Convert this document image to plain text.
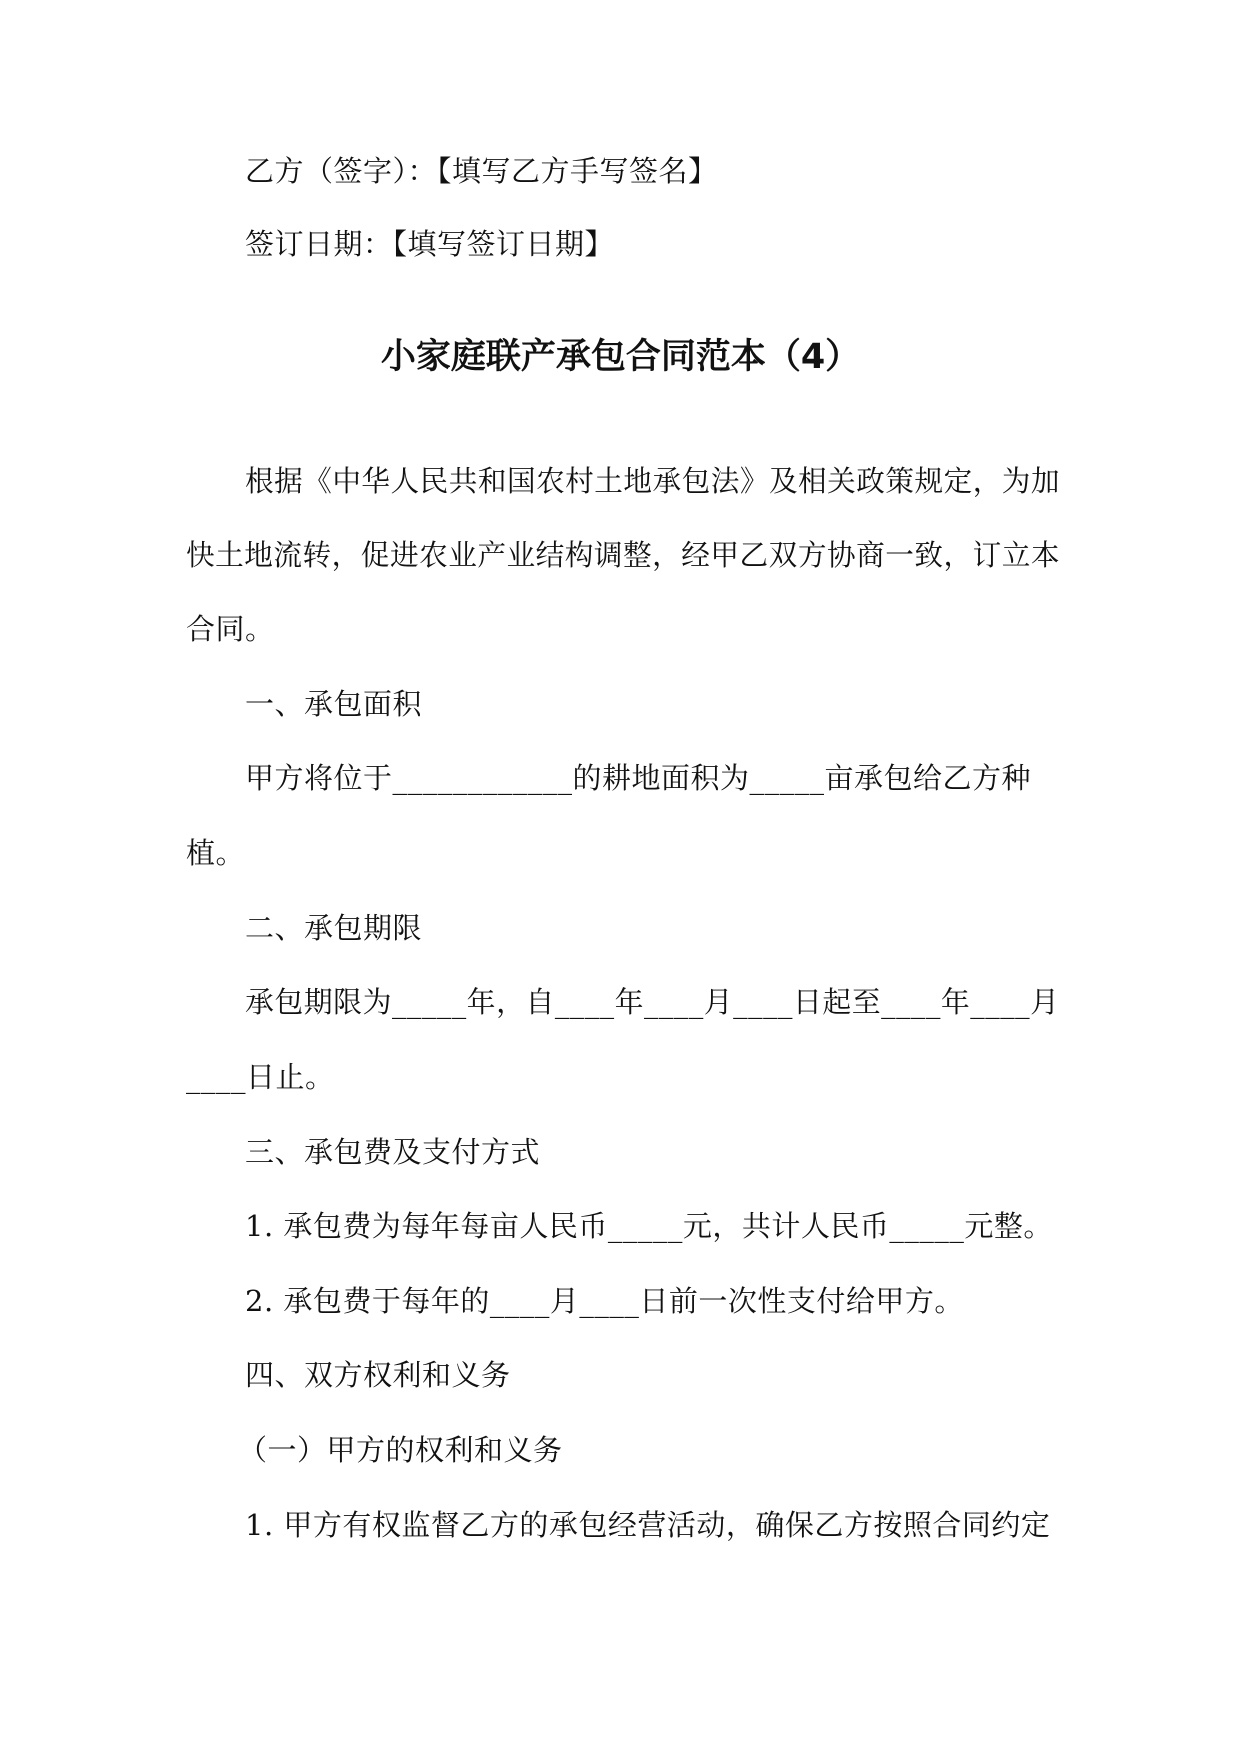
乙方（签字）：【填写乙方手写签名】
签订日期：【填写签订日期】
小家庭联产承包合同范本（4）
根据《中华人民共和国农村土地承包法》及相关政策规定，为加
快土地流转，促进农业产业结构调整，经甲乙双方协商一致，订立本
合同。
一、承包面积
甲方将位于____________的耕地面积为_____亩承包给乙方种
植。
二、承包期限
承包期限为_____年，自____年____月____日起至____年____月
____日止。
三、承包费及支付方式
1. 承包费为每年每亩人民币_____元，共计人民币_____元整。
2. 承包费于每年的____月____日前一次性支付给甲方。
四、双方权利和义务
（一）甲方的权利和义务
1. 甲方有权监督乙方的承包经营活动，确保乙方按照合同约定
